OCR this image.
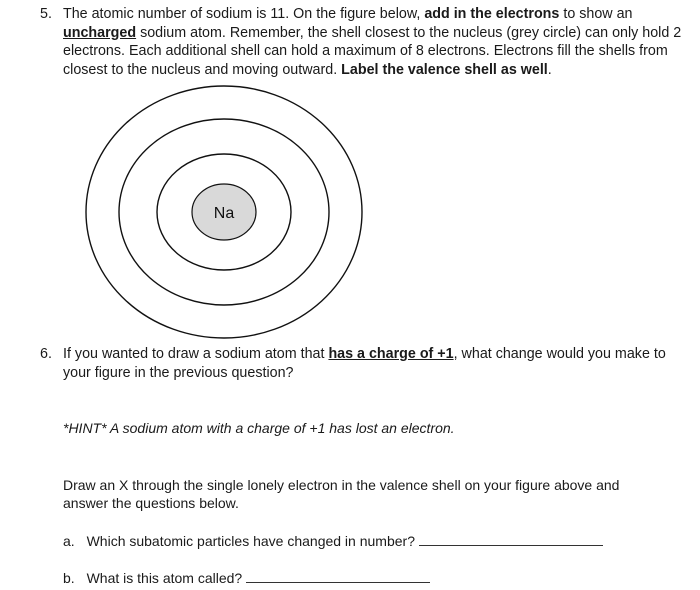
5. The atomic number of sodium is 11. On the figure below, add in the electrons to show an
uncharged sodium atom. Remember, the shell closest to the nucleus (grey circle) can only hold 2
electrons. Each additional shell can hold a maximum of 8 electrons. Electrons fill the shells from
closest to the nucleus and moving outward. Label the valence shell as well.
Na
6. If you wanted to draw a sodium atom that has a charge of +1, what change would you make to
your figure in the previous question?
*HINT* A sodium atom with a charge of +1 has lost an electron.
Draw an X through the single lonely electron in the valence shell on your figure above and
answer the questions below.
a. Which subatomic particles have changed in number?
b. What is this atom called?
